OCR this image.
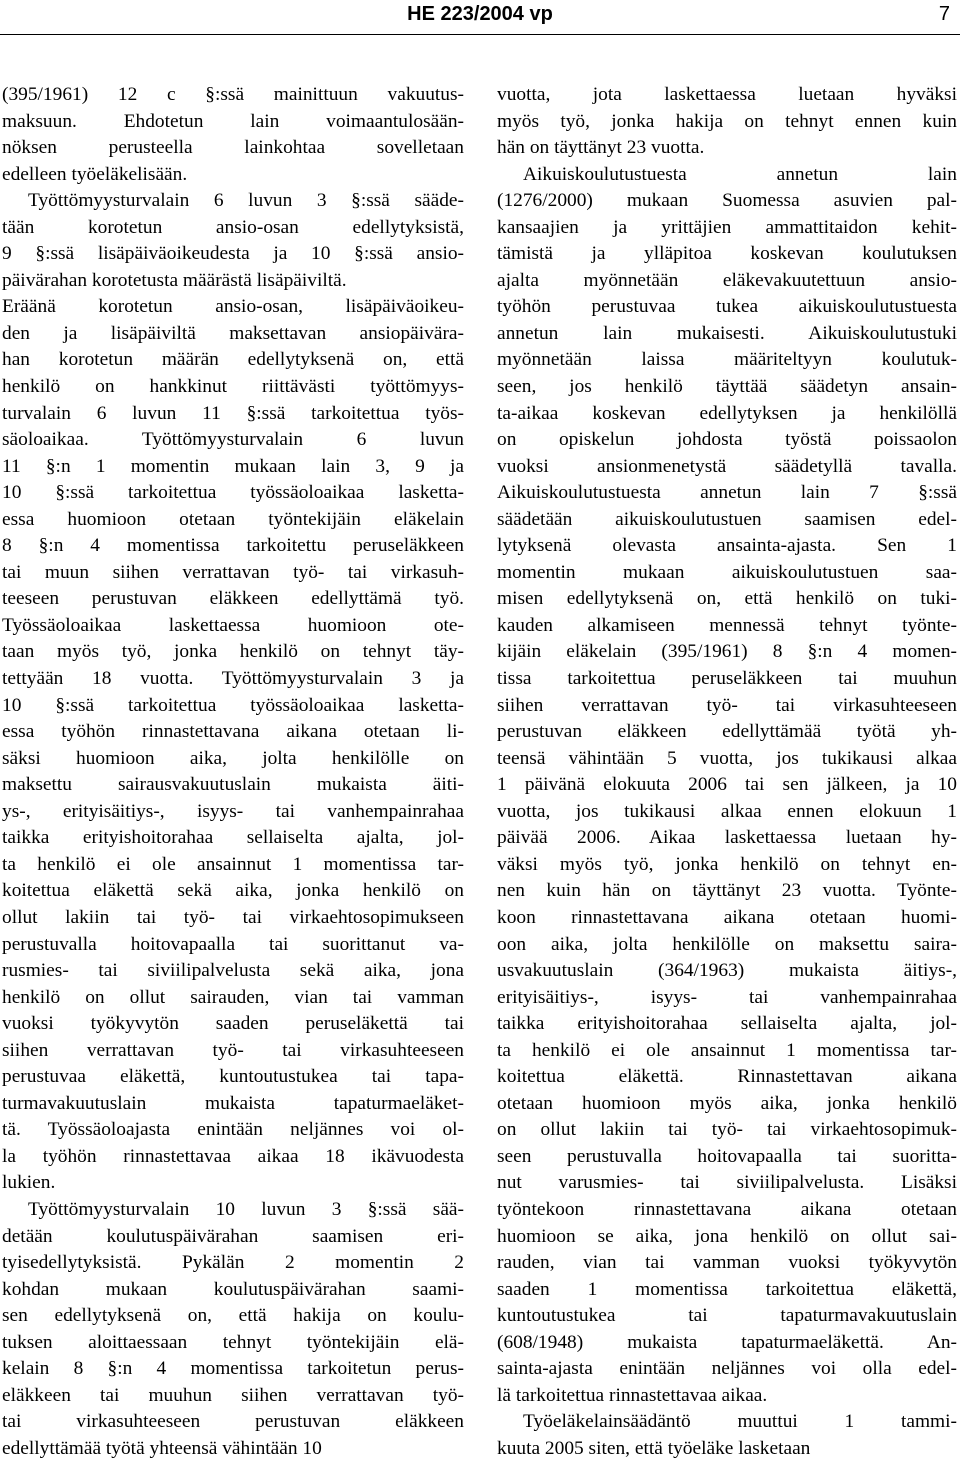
HE 223/2004 vp	7
(395/1961) 12 c §:ssä mainittuun vakuutus-
maksuun. Ehdotetun lain voimaantulosään-
nöksen perusteella lainkohtaa sovelletaan
edelleen työeläkelisään.
Työttömyysturvalain 6 luvun 3 §:ssä sääde-
tään korotetun ansio-osan edellytyksistä,
9 §:ssä lisäpäiväoikeudesta ja 10 §:ssä ansio-
päivärahan korotetusta määrästä lisäpäiviltä.
Eräänä korotetun ansio-osan, lisäpäiväoikeu-
den ja lisäpäiviltä maksettavan ansiopäivära-
han korotetun määrän edellytyksenä on, että
henkilö on hankkinut riittävästi työttömyys-
turvalain 6 luvun 11 §:ssä tarkoitettua työs-
säoloaikaa. Työttömyysturvalain 6 luvun
11 §:n 1 momentin mukaan lain 3, 9 ja
10 §:ssä tarkoitettua työssäoloaikaa lasketta-
essa huomioon otetaan työntekijäin eläkelain
8 §:n 4 momentissa tarkoitettu peruseläkkeen
tai muun siihen verrattavan työ- tai virkasuh-
teeseen perustuvan eläkkeen edellyttämä työ.
Työssäoloaikaa laskettaessa huomioon ote-
taan myös työ, jonka henkilö on tehnyt täy-
tettyään 18 vuotta. Työttömyysturvalain 3 ja
10 §:ssä tarkoitettua työssäoloaikaa lasketta-
essa työhön rinnastettavana aikana otetaan li-
säksi huomioon aika, jolta henkilölle on
maksettu sairausvakuutuslain mukaista äiti-
ys-, erityisäitiys-, isyys- tai vanhempainrahaa
taikka erityishoitorahaa sellaiselta ajalta, jol-
ta henkilö ei ole ansainnut 1 momentissa tar-
koitettua eläkettä sekä aika, jonka henkilö on
ollut lakiin tai työ- tai virkaehtosopimukseen
perustuvalla hoitovapaalla tai suorittanut va-
rusmies- tai siviilipalvelusta sekä aika, jona
henkilö on ollut sairauden, vian tai vamman
vuoksi työkyvytön saaden peruseläkettä tai
siihen verrattavan työ- tai virkasuhteeseen
perustuvaa eläkettä, kuntoutustukea tai tapa-
turmavakuutuslain mukaista tapaturmaeläket-
tä. Työssäoloajasta enintään neljännes voi ol-
la työhön rinnastettavaa aikaa 18 ikävuodesta
lukien.
Työttömyysturvalain 10 luvun 3 §:ssä sää-
detään koulutuspäivärahan saamisen eri-
tyisedellytyksistä. Pykälän 2 momentin 2
kohdan mukaan koulutuspäivärahan saami-
sen edellytyksenä on, että hakija on koulu-
tuksen aloittaessaan tehnyt työntekijäin elä-
kelain 8 §:n 4 momentissa tarkoitetun perus-
eläkkeen tai muuhun siihen verrattavan työ-
tai virkasuhteeseen perustuvan eläkkeen
edellyttämää työtä yhteensä vähintään 10
vuotta, jota laskettaessa luetaan hyväksi
myös työ, jonka hakija on tehnyt ennen kuin
hän on täyttänyt 23 vuotta.
Aikuiskoulutustuesta annetun lain
(1276/2000) mukaan Suomessa asuvien pal-
kansaajien ja yrittäjien ammattitaidon kehit-
tämistä ja ylläpitoa koskevan koulutuksen
ajalta myönnetään eläkevakuutettuun ansio-
työhön perustuvaa tukea aikuiskoulutustuesta
annetun lain mukaisesti. Aikuiskoulutustuki
myönnetään laissa määriteltyyn koulutuk-
seen, jos henkilö täyttää säädetyn ansain-
ta-aikaa koskevan edellytyksen ja henkilöllä
on opiskelun johdosta työstä poissaolon
vuoksi ansionmenetystä säädetyllä tavalla.
Aikuiskoulutustuesta annetun lain 7 §:ssä
säädetään aikuiskoulutustuen saamisen edel-
lytyksenä olevasta ansainta-ajasta. Sen 1
momentin mukaan aikuiskoulutustuen saa-
misen edellytyksenä on, että henkilö on tuki-
kauden alkamiseen mennessä tehnyt työnte-
kijäin eläkelain (395/1961) 8 §:n 4 momen-
tissa tarkoitettua peruseläkkeen tai muuhun
siihen verrattavan työ- tai virkasuhteeseen
perustuvan eläkkeen edellyttämää työtä yh-
teensä vähintään 5 vuotta, jos tukikausi alkaa
1 päivänä elokuuta 2006 tai sen jälkeen, ja 10
vuotta, jos tukikausi alkaa ennen elokuun 1
päivää 2006. Aikaa laskettaessa luetaan hy-
väksi myös työ, jonka henkilö on tehnyt en-
nen kuin hän on täyttänyt 23 vuotta. Työnte-
koon rinnastettavana aikana otetaan huomi-
oon aika, jolta henkilölle on maksettu saira-
usvakuutuslain (364/1963) mukaista äitiys-,
erityisäitiys-, isyys- tai vanhempainrahaa
taikka erityishoitorahaa sellaiselta ajalta, jol-
ta henkilö ei ole ansainnut 1 momentissa tar-
koitettua eläkettä. Rinnastettavan aikana
otetaan huomioon myös aika, jonka henkilö
on ollut lakiin tai työ- tai virkaehtosopimuk-
seen perustuvalla hoitovapaalla tai suoritta-
nut varusmies- tai siviilipalvelusta. Lisäksi
työntekoon rinnastettavana aikana otetaan
huomioon se aika, jona henkilö on ollut sai-
rauden, vian tai vamman vuoksi työkyvytön
saaden 1 momentissa tarkoitettua eläkettä,
kuntoutustukea tai tapaturmavakuutuslain
(608/1948) mukaista tapaturmaeläkettä. An-
sainta-ajasta enintään neljännes voi olla edel-
lä tarkoitettua rinnastettavaa aikaa.
Työeläkelainsäädäntö muuttui 1 tammi-
kuuta 2005 siten, että työeläke lasketaan
